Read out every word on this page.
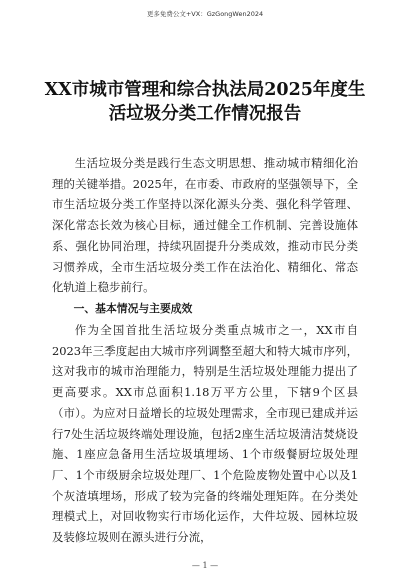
更多免费公文+VX：GzGongWen2024
XX市城市管理和综合执法局2025年度生
活垃圾分类工作情况报告

生活垃圾分类是践行生态文明思想、推动城市精细化治理的关键举措。2025年，在市委、市政府的坚强领导下，全市生活垃圾分类工作坚持以深化源头分类、强化科学管理、深化常态长效为核心目标，通过健全工作机制、完善设施体系、强化协同治理，持续巩固提升分类成效，推动市民分类习惯养成，全市生活垃圾分类工作在法治化、精细化、常态化轨道上稳步前行。

一、基本情况与主要成效

作为全国首批生活垃圾分类重点城市之一，XX市自2023年三季度起由大城市序列调整至超大和特大城市序列，这对我市的城市治理能力，特别是生活垃圾处理能力提出了更高要求。XX市总面积1.18万平方公里，下辖9个区县（市）。为应对日益增长的垃圾处理需求，全市现已建成并运行7处生活垃圾终端处理设施，包括2座生活垃圾清洁焚烧设施、1座应急备用生活垃圾填埋场、1个市级餐厨垃圾处理厂、1个市级厨余垃圾处理厂、1个危险废物处置中心以及1个灰渣填埋场，形成了较为完备的终端处理矩阵。在分类处理模式上，对回收物实行市场化运作，大件垃圾、园林垃圾及装修垃圾则在源头进行分流，

— 1 —
